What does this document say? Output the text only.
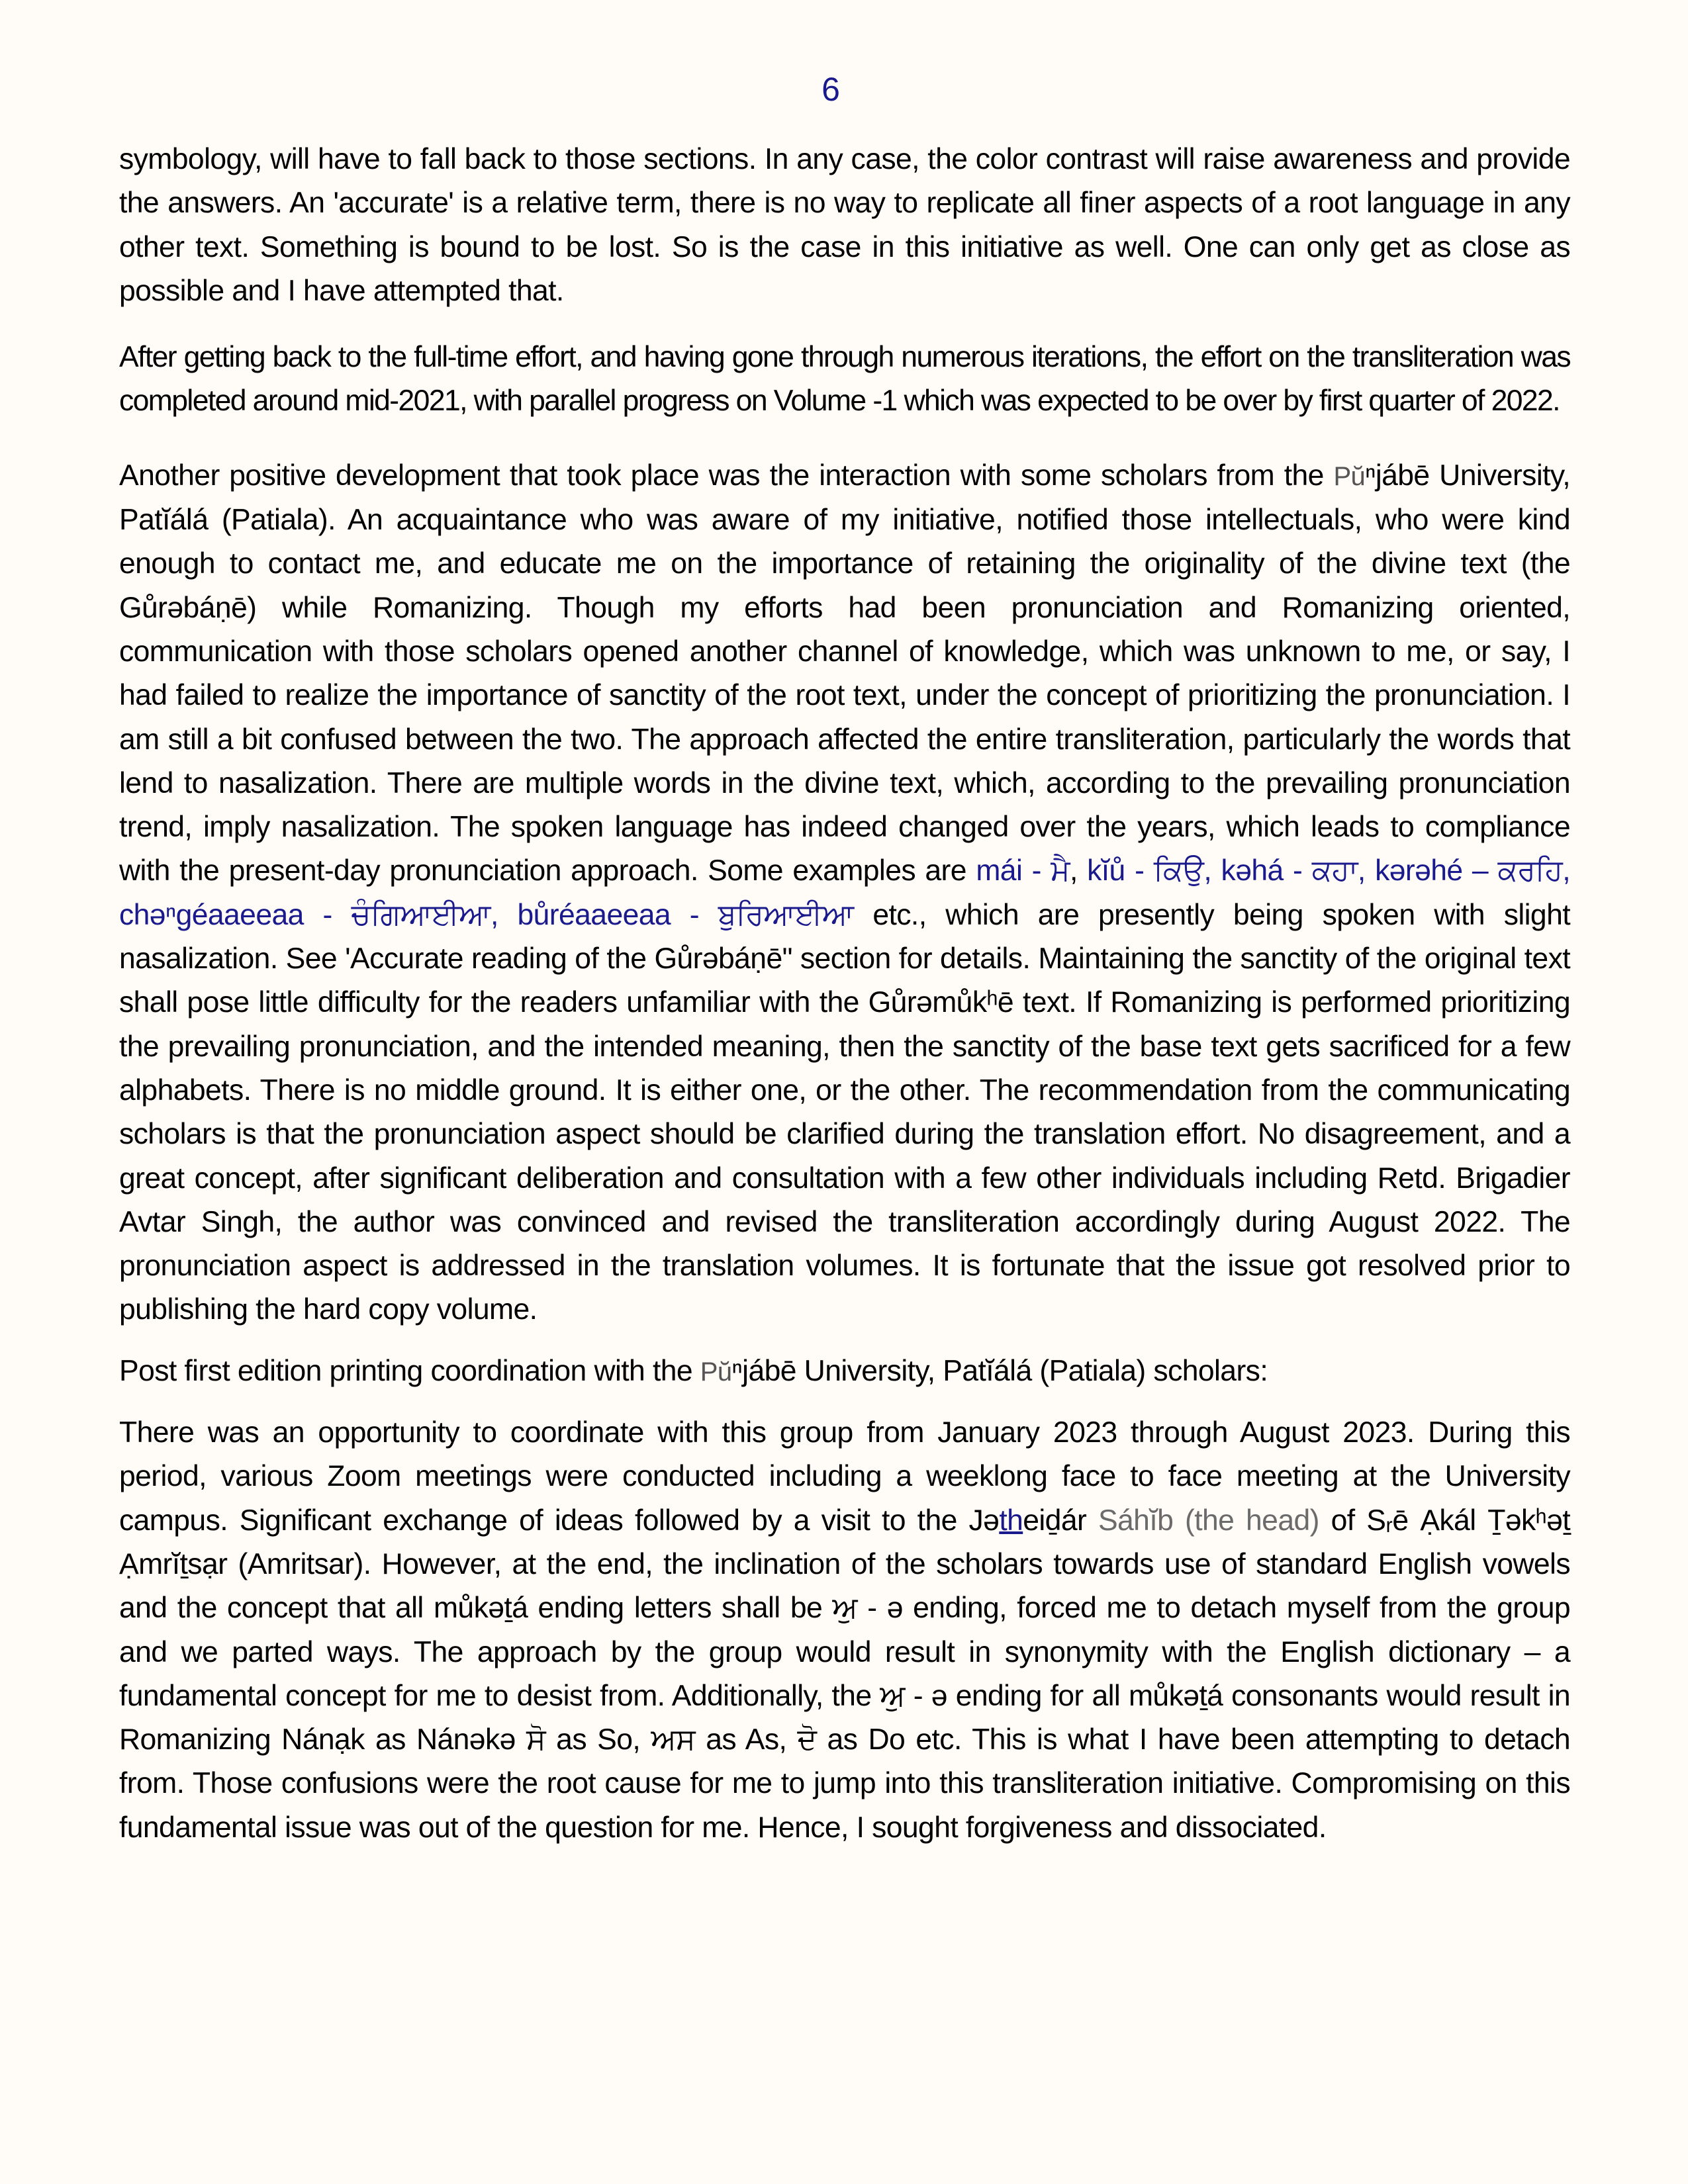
6

symbology, will have to fall back to those sections. In any case, the color contrast will raise awareness and provide the answers. An 'accurate' is a relative term, there is no way to replicate all finer aspects of a root language in any other text. Something is bound to be lost. So is the case in this initiative as well. One can only get as close as possible and I have attempted that.

After getting back to the full-time effort, and having gone through numerous iterations, the effort on the transliteration was completed around mid-2021, with parallel progress on Volume -1 which was expected to be over by first quarter of 2022.

Another positive development that took place was the interaction with some scholars from the Pŭⁿjábē University, Patĭálá (Patiala). An acquaintance who was aware of my initiative, notified those intellectuals, who were kind enough to contact me, and educate me on the importance of retaining the originality of the divine text (the Gůrəbáṇē) while Romanizing. Though my efforts had been pronunciation and Romanizing oriented, communication with those scholars opened another channel of knowledge, which was unknown to me, or say, I had failed to realize the importance of sanctity of the root text, under the concept of prioritizing the pronunciation. I am still a bit confused between the two. The approach affected the entire transliteration, particularly the words that lend to nasalization. There are multiple words in the divine text, which, according to the prevailing pronunciation trend, imply nasalization. The spoken language has indeed changed over the years, which leads to compliance with the present-day pronunciation approach. Some examples are mái - ਮੈ, kĭů - ਕਿਉ, kəhá - ਕਹਾ, kərəhé – ਕਰਹਿ, chəⁿgéaaeeaa - ਚੰਗਿਆਈਆ, bůréaaeeaa - ਬੁਰਿਆਈਆ etc., which are presently being spoken with slight nasalization. See 'Accurate reading of the Gůrəbáṇē" section for details. Maintaining the sanctity of the original text shall pose little difficulty for the readers unfamiliar with the Gůrəmůkʰē text. If Romanizing is performed prioritizing the prevailing pronunciation, and the intended meaning, then the sanctity of the base text gets sacrificed for a few alphabets. There is no middle ground. It is either one, or the other. The recommendation from the communicating scholars is that the pronunciation aspect should be clarified during the translation effort. No disagreement, and a great concept, after significant deliberation and consultation with a few other individuals including Retd. Brigadier Avtar Singh, the author was convinced and revised the transliteration accordingly during August 2022. The pronunciation aspect is addressed in the translation volumes. It is fortunate that the issue got resolved prior to publishing the hard copy volume.

Post first edition printing coordination with the Pŭⁿjábē University, Patĭálá (Patiala) scholars:

There was an opportunity to coordinate with this group from January 2023 through August 2023. During this period, various Zoom meetings were conducted including a weeklong face to face meeting at the University campus. Significant exchange of ideas followed by a visit to the Jətheiḏár Sáhĭb (the head) of Sᵣē Ạkál Ṯəkʰəṯ Ạmrĭṯsạr (Amritsar). However, at the end, the inclination of the scholars towards use of standard English vowels and the concept that all můkəṯá ending letters shall be ਅੁ - ə ending, forced me to detach myself from the group and we parted ways. The approach by the group would result in synonymity with the English dictionary – a fundamental concept for me to desist from. Additionally, the ਅੁ - ə ending for all můkəṯá consonants would result in Romanizing Nánạk as Nánəkə ਸੋ as So, ਅਸ as As, ਦੋ as Do etc. This is what I have been attempting to detach from. Those confusions were the root cause for me to jump into this transliteration initiative. Compromising on this fundamental issue was out of the question for me. Hence, I sought forgiveness and dissociated.
